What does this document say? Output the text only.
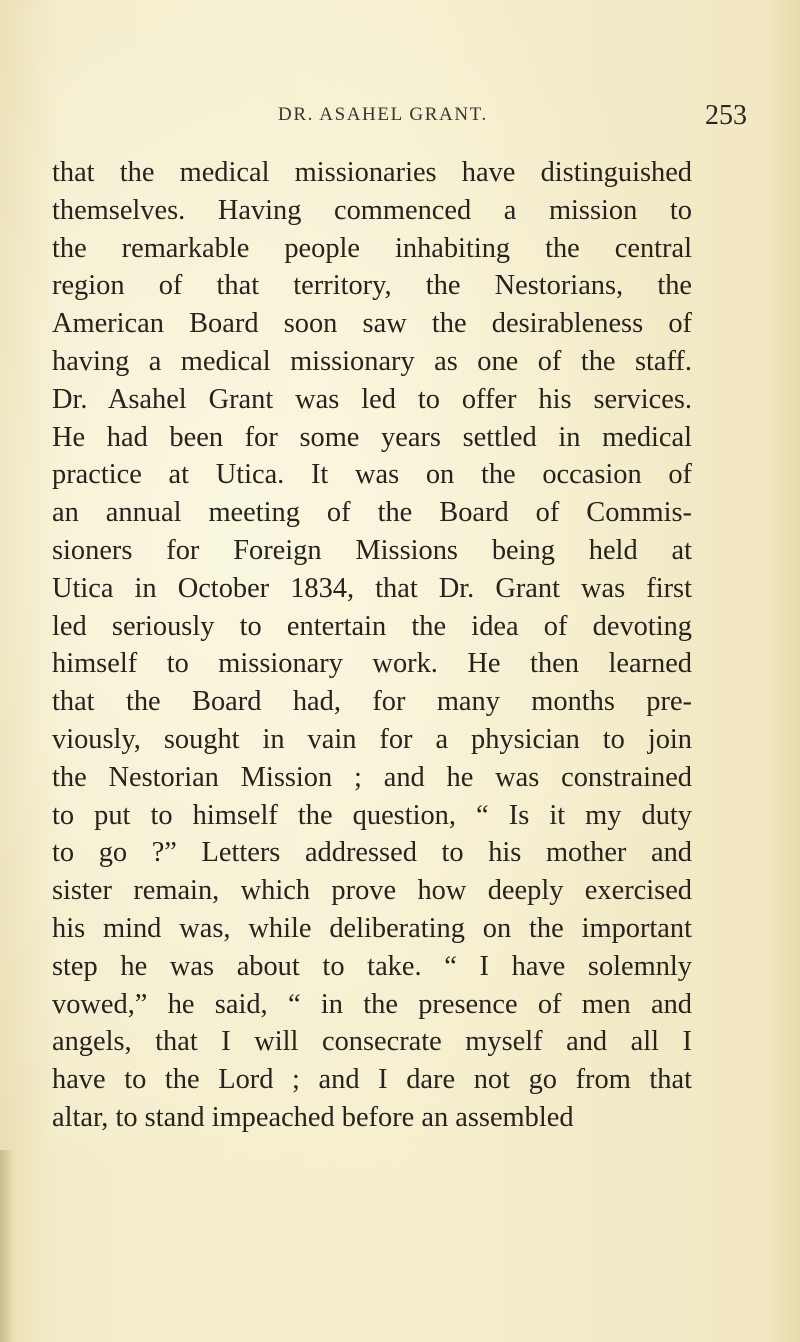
DR. ASAHEL GRANT.	253
that the medical missionaries have distinguished
themselves. Having commenced a mission to
the remarkable people inhabiting the central
region of that territory, the Nestorians, the
American Board soon saw the desirableness of
having a medical missionary as one of the staff.
Dr. Asahel Grant was led to offer his services.
He had been for some years settled in medical
practice at Utica. It was on the occasion of
an annual meeting of the Board of Commis-
sioners for Foreign Missions being held at
Utica in October 1834, that Dr. Grant was first
led seriously to entertain the idea of devoting
himself to missionary work. He then learned
that the Board had, for many months pre-
viously, sought in vain for a physician to join
the Nestorian Mission ; and he was constrained
to put to himself the question, “ Is it my duty
to go ?” Letters addressed to his mother and
sister remain, which prove how deeply exercised
his mind was, while deliberating on the important
step he was about to take. “ I have solemnly
vowed,” he said, “ in the presence of men and
angels, that I will consecrate myself and all I
have to the Lord ; and I dare not go from that
altar, to stand impeached before an assembled
